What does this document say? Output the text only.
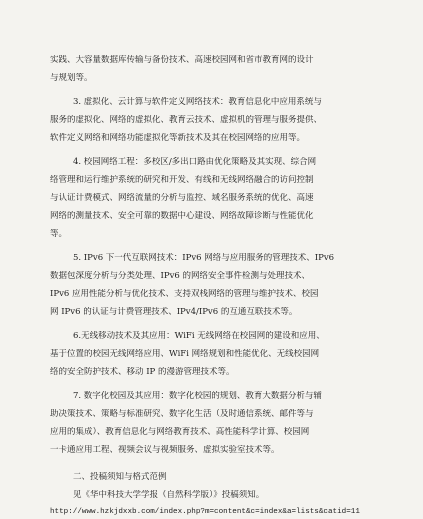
实践、大容量数据库传输与备份技术、高速校园网和省市教育网的设计

与规划等。

3. 虚拟化、云计算与软件定义网络技术：教育信息化中应用系统与

服务的虚拟化、网络的虚拟化、教育云技术、虚拟机的管理与服务提供、

软件定义网络和网络功能虚拟化等新技术及其在校园网络的应用等。

4. 校园网络工程：多校区/多出口路由优化策略及其实现、综合网

络管理和运行维护系统的研究和开发、有线和无线网络融合的访问控制

与认证计费模式、网络流量的分析与监控、域名服务系统的优化、高速

网络的测量技术、安全可靠的数据中心建设、网络故障诊断与性能优化

等。

5. IPv6 下一代互联网技术：IPv6 网络与应用服务的管理技术、IPv6

数据包深度分析与分类处理、IPv6 的网络安全事件检测与处理技术、

IPv6 应用性能分析与优化技术、支持双栈网络的管理与维护技术、校园

网 IPv6 的认证与计费管理技术、IPv4/IPv6 的互通互联技术等。

6.无线移动技术及其应用：WiFi 无线网络在校园网的建设和应用、

基于位置的校园无线网络应用、WiFi 网络规划和性能优化、无线校园网

络的安全防护技术、移动 IP 的漫游管理技术等。

7. 数字化校园及其应用：数字化校园的规划、教育大数据分析与辅

助决策技术、策略与标准研究、数字化生活（及时通信系统、邮件等与

应用的集成）、教育信息化与网络教育技术、高性能科学计算、校园网

一卡通应用工程、视频会议与视频服务、虚拟实验室技术等。

二、投稿须知与格式范例

见《华中科技大学学报（自然科学版）》投稿须知。

http://www.hzkjdxxb.com/index.php?m=content&c=index&a=lists&catid=11
